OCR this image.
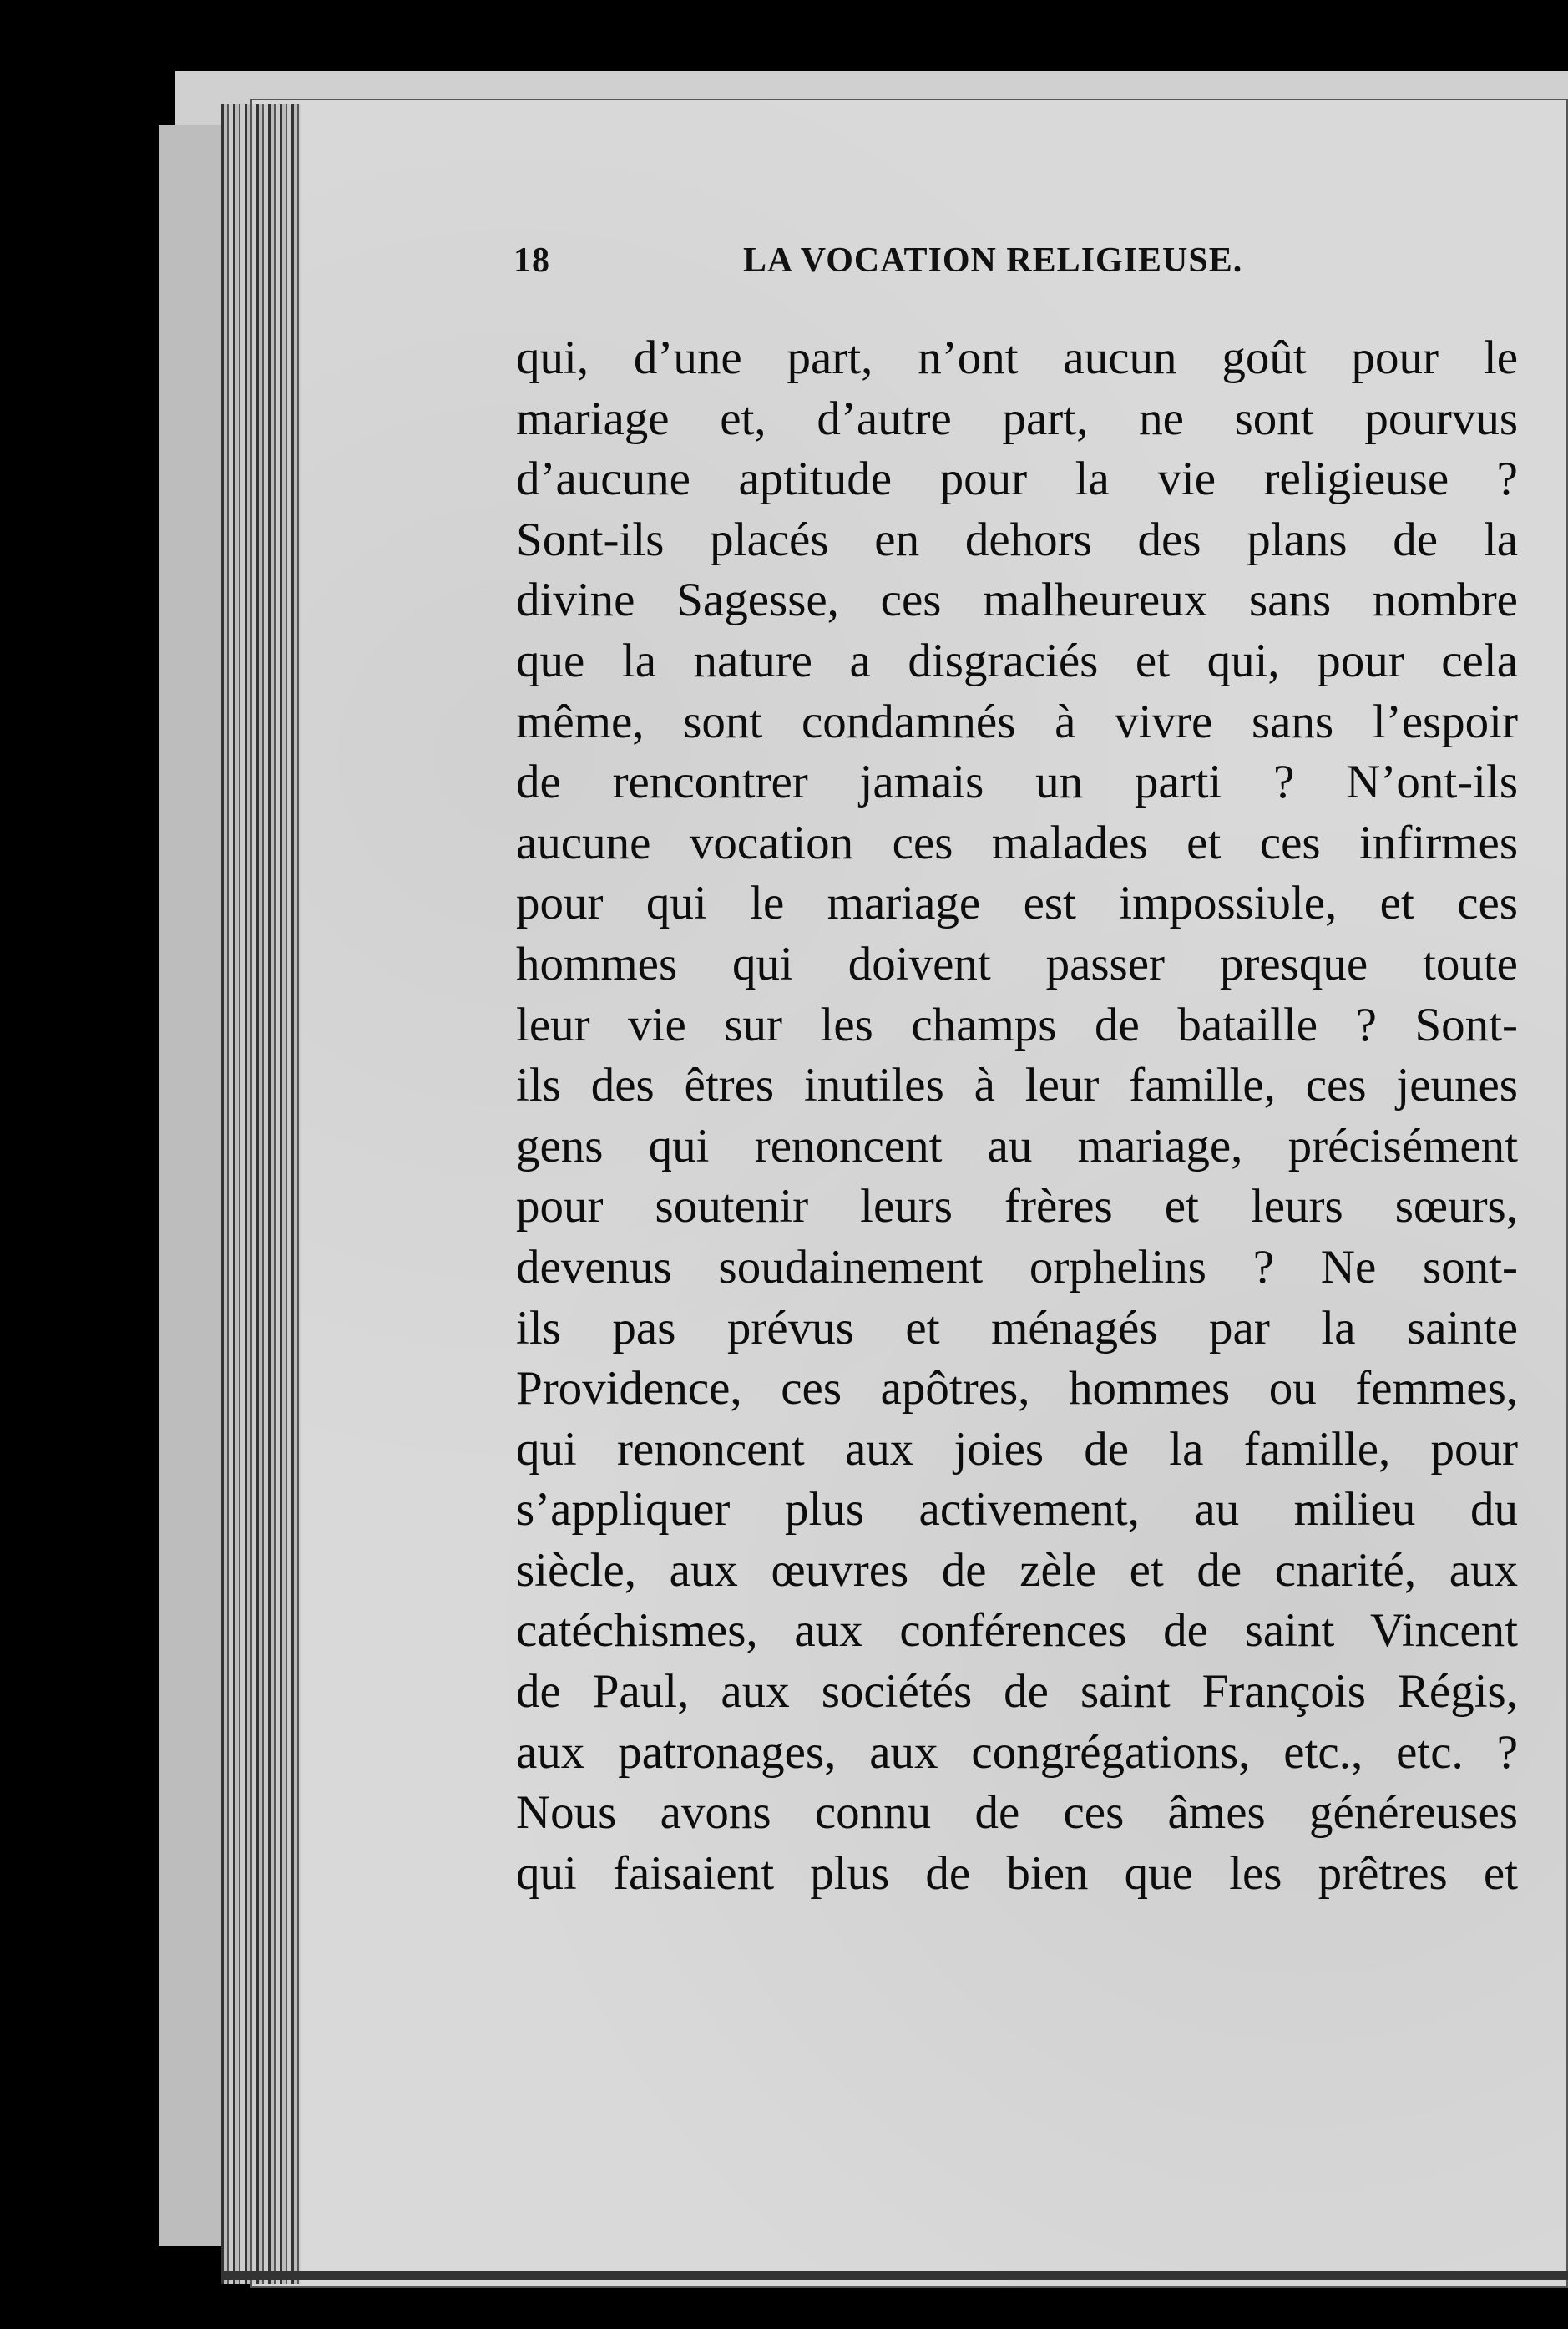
18	LA VOCATION RELIGIEUSE.
qui, d’une part, n’ont aucun goût pour le
mariage et, d’autre part, ne sont pourvus
d’aucune aptitude pour la vie religieuse ?
Sont-ils placés en dehors des plans de la
divine Sagesse, ces malheureux sans nombre
que la nature a disgraciés et qui, pour cela
même, sont condamnés à vivre sans l’espoir
de rencontrer jamais un parti ? N’ont-ils
aucune vocation ces malades et ces infirmes
pour qui le mariage est impossiυle, et ces
hommes qui doivent passer presque toute
leur vie sur les champs de bataille ? Sont-
ils des êtres inutiles à leur famille, ces jeunes
gens qui renoncent au mariage, précisément
pour soutenir leurs frères et leurs sœurs,
devenus soudainement orphelins ? Ne sont-
ils pas prévus et ménagés par la sainte
Providence, ces apôtres, hommes ou femmes,
qui renoncent aux joies de la famille, pour
s’appliquer plus activement, au milieu du
siècle, aux œuvres de zèle et de cnarité, aux
catéchismes, aux conférences de saint Vincent
de Paul, aux sociétés de saint François Régis,
aux patronages, aux congrégations, etc., etc. ?
Nous avons connu de ces âmes généreuses
qui faisaient plus de bien que les prêtres et
